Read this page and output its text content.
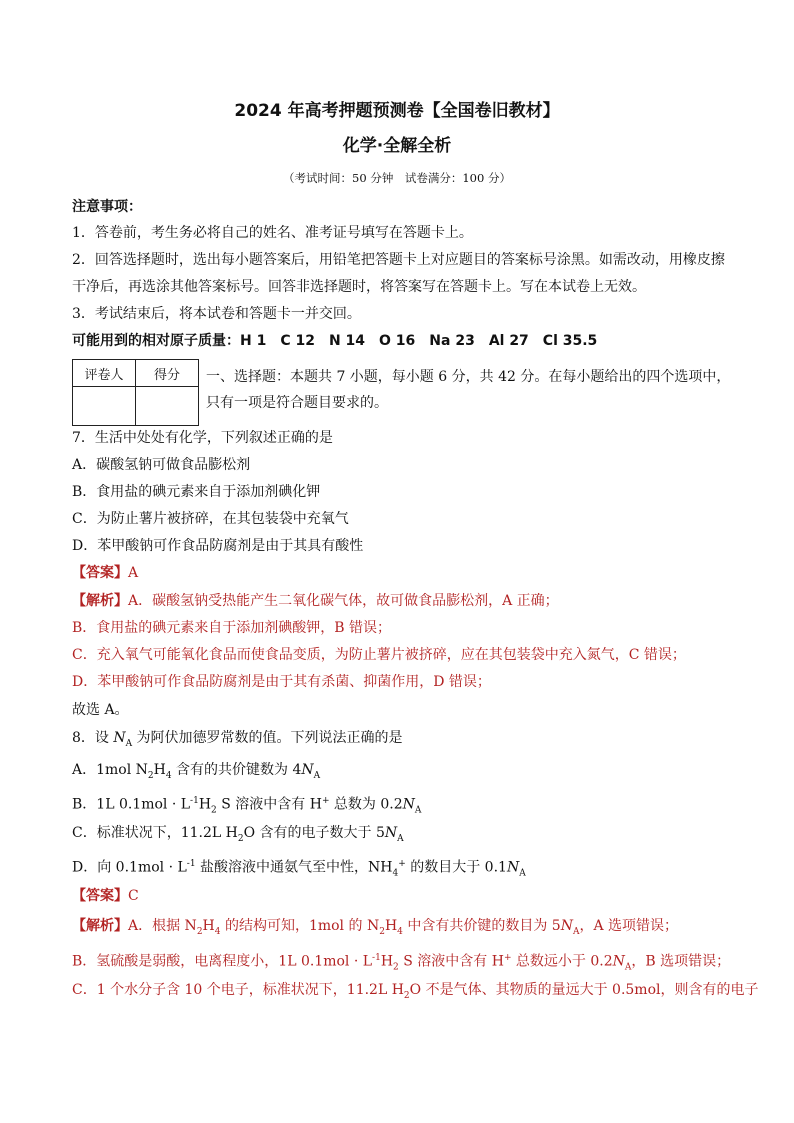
2024 年高考押题预测卷【全国卷旧教材】
化学·全解全析
（考试时间：50 分钟　试卷满分：100 分）
注意事项：
1．答卷前，考生务必将自己的姓名、准考证号填写在答题卡上。
2．回答选择题时，选出每小题答案后，用铅笔把答题卡上对应题目的答案标号涂黑。如需改动，用橡皮擦
干净后，再选涂其他答案标号。回答非选择题时，将答案写在答题卡上。写在本试卷上无效。
3．考试结束后，将本试卷和答题卡一并交回。
可能用到的相对原子质量：H 1　C 12　N 14　O 16　Na 23　Al 27　Cl 35.5
评卷人	得分
	一、选择题：本题共 7 小题，每小题 6 分，共 42 分。在每小题给出的四个选项中，
只有一项是符合题目要求的。
7．生活中处处有化学，下列叙述正确的是
A．碳酸氢钠可做食品膨松剂
B．食用盐的碘元素来自于添加剂碘化钾
C．为防止薯片被挤碎，在其包装袋中充氧气
D．苯甲酸钠可作食品防腐剂是由于其具有酸性
【答案】A
【解析】A．碳酸氢钠受热能产生二氧化碳气体，故可做食品膨松剂，A 正确；
B．食用盐的碘元素来自于添加剂碘酸钾，B 错误；
C．充入氧气可能氧化食品而使食品变质，为防止薯片被挤碎，应在其包装袋中充入氮气，C 错误；
D．苯甲酸钠可作食品防腐剂是由于其有杀菌、抑菌作用，D 错误；
故选 A。
8．设 $N_A$ 为阿伏加德罗常数的值。下列说法正确的是
A．1mol $N_2H_4$ 含有的共价键数为 $4N_A$
B．1L $0.1mol \cdot L^{-1}H_2$ S 溶液中含有 H+ 总数为 $0.2N_A$
C．标准状况下，11.2L $H_2O$ 含有的电子数大于 $5N_A$
D．向 $0.1mol \cdot L^{-1}$ 盐酸溶液中通氨气至中性，$NH_4^+$ 的数目大于 $0.1N_A$
【答案】C
【解析】A．根据 $N_2H_4$ 的结构可知，1mol 的 $N_2H_4$ 中含有共价键的数目为 $5N_A$，A 选项错误；
B．氢硫酸是弱酸，电离程度小，1L $0.1mol \cdot L^{-1}H_2$ S 溶液中含有 H+ 总数远小于 $0.2N_A$，B 选项错误；
C．1 个水分子含 10 个电子，标准状况下，11.2L $H_2O$ 不是气体、其物质的量远大于 0.5mol，则含有的电子
